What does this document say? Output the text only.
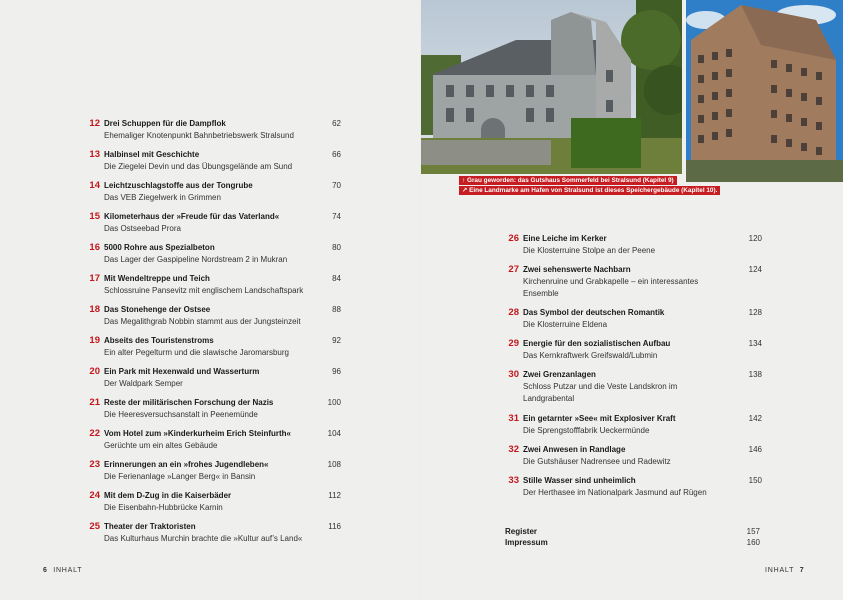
12 Drei Schuppen für die Dampflok	62
Ehemaliger Knotenpunkt Bahnbetriebswerk Stralsund
13 Halbinsel mit Geschichte	66
Die Ziegelei Devin und das Übungsgelände am Sund
14 Leichtzuschlagstoffe aus der Tongrube	70
Das VEB Ziegelwerk in Grimmen
15 Kilometerhaus der »Freude für das Vaterland«	74
Das Ostseebad Prora
16 5000 Rohre aus Spezialbeton	80
Das Lager der Gaspipeline Nordstream 2 in Mukran
17 Mit Wendeltreppe und Teich	84
Schlossruine Pansevitz mit englischem Landschaftspark
18 Das Stonehenge der Ostsee	88
Das Megalithgrab Nobbin stammt aus der Jungsteinzeit
19 Abseits des Touristenstroms	92
Ein alter Pegelturm und die slawische Jaromarsburg
20 Ein Park mit Hexenwald und Wasserturm	96
Der Waldpark Semper
21 Reste der militärischen Forschung der Nazis	100
Die Heeresversuchsanstalt in Peenemünde
22 Vom Hotel zum »Kinderkurheim Erich Steinfurth«	104
Gerüchte um ein altes Gebäude
23 Erinnerungen an ein »frohes Jugendleben«	108
Die Ferienanlage »Langer Berg« in Bansin
24 Mit dem D-Zug in die Kaiserbäder	112
Die Eisenbahn-Hubbrücke Karnin
25 Theater der Traktoristen	116
Das Kulturhaus Murchin brachte die »Kultur auf’s Land«
↑ Grau geworden: das Gutshaus Sommerfeld bei Stralsund (Kapitel 9)
↗ Eine Landmarke am Hafen von Stralsund ist dieses Speichergebäude (Kapitel 10).
26 Eine Leiche im Kerker	120
Die Klosterruine Stolpe an der Peene
27 Zwei sehenswerte Nachbarn	124
Kirchenruine und Grabkapelle – ein interessantes
Ensemble
28 Das Symbol der deutschen Romantik	128
Die Klosterruine Eldena
29 Energie für den sozialistischen Aufbau	134
Das Kernkraftwerk Greifswald/Lubmin
30 Zwei Grenzanlagen	138
Schloss Putzar und die Veste Landskron im
Landgrabental
31 Ein getarnter »See« mit Explosiver Kraft	142
Die Sprengstofffabrik Ueckermünde
32 Zwei Anwesen in Randlage	146
Die Gutshäuser Nadrensee und Radewitz
33 Stille Wasser sind unheimlich	150
Der Herthasee im Nationalpark Jasmund auf Rügen
Register	157
Impressum	160
6 INHALT	INHALT 7
